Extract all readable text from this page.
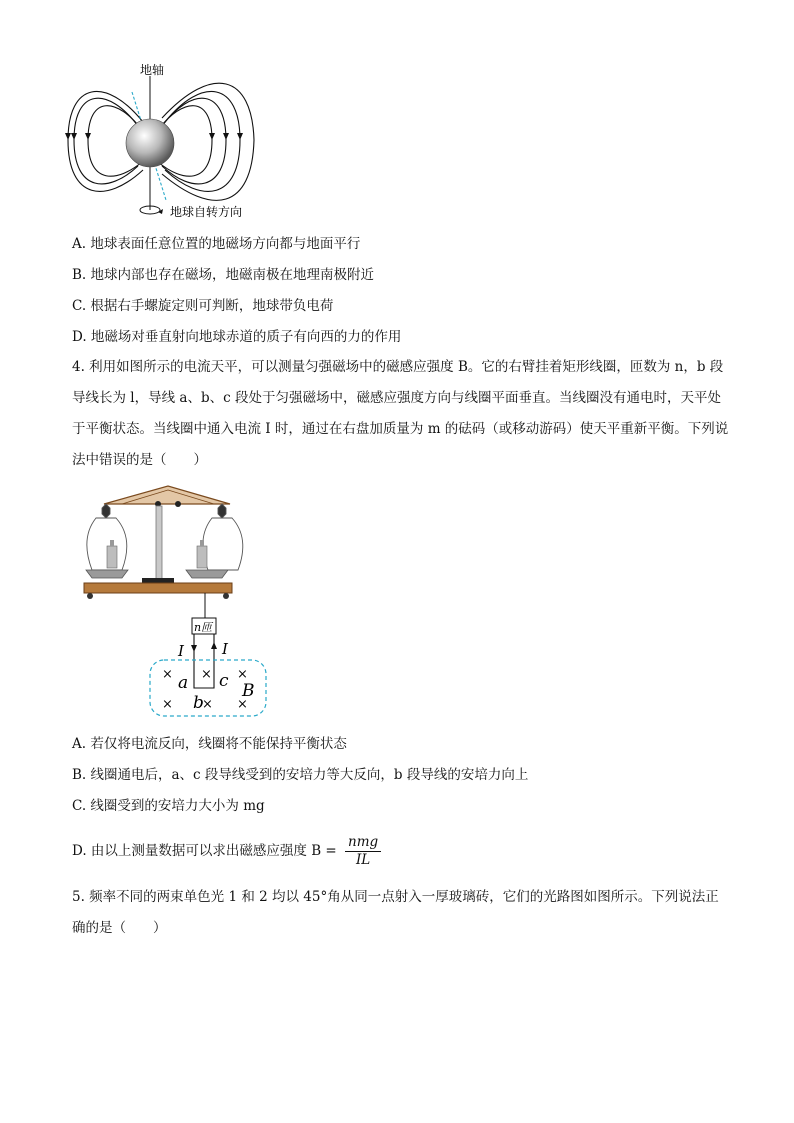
地轴
地球自转方向
A. 地球表面任意位置的地磁场方向都与地面平行
B. 地球内部也存在磁场，地磁南极在地理南极附近
C. 根据右手螺旋定则可判断，地球带负电荷
D. 地磁场对垂直射向地球赤道的质子有向西的力的作用
4. 利用如图所示的电流天平，可以测量匀强磁场中的磁感应强度 B。它的右臂挂着矩形线圈，匝数为 n，b 段导线长为 l，导线 a、b、c 段处于匀强磁场中，磁感应强度方向与线圈平面垂直。当线圈没有通电时，天平处于平衡状态。当线圈中通入电流 I 时，通过在右盘加质量为 m 的砝码（或移动游码）使天平重新平衡。下列说法中错误的是（　　）
n匝
I	I
× × ×
× × ×
a
b
c B
A. 若仅将电流反向，线圈将不能保持平衡状态
B. 线圈通电后，a、c 段导线受到的安培力等大反向，b 段导线的安培力向上
C. 线圈受到的安培力大小为 mg
D. 由以上测量数据可以求出磁感应强度 $B = \frac{\text{nmg}}{IL}$
5. 频率不同的两束单色光 1 和 2 均以 45°角从同一点射入一厚玻璃砖，它们的光路图如图所示。下列说法正确的是（　　）
